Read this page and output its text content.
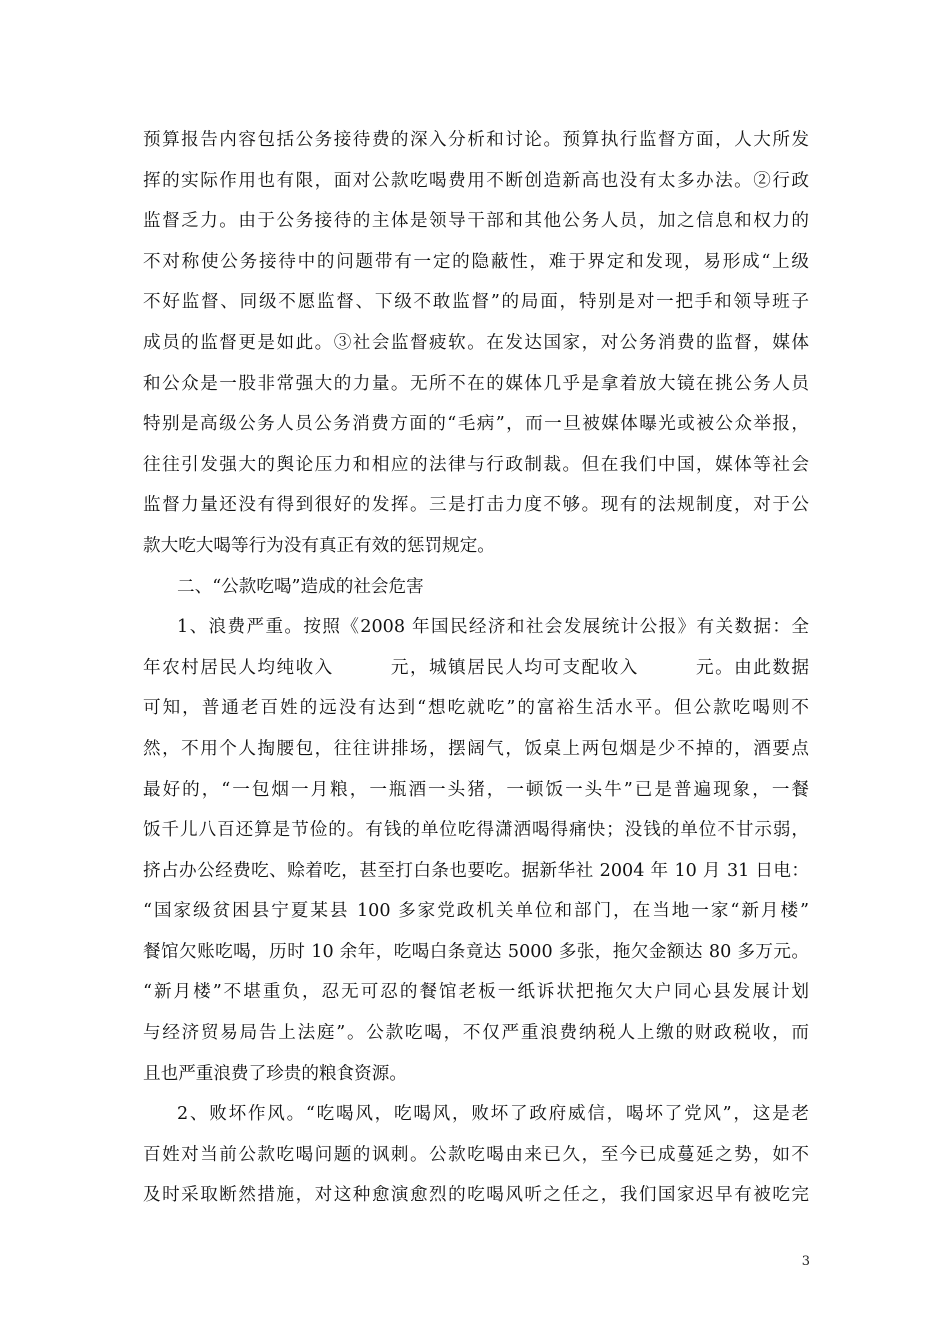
预算报告内容包括公务接待费的深入分析和讨论。预算执行监督方面，人大所发
挥的实际作用也有限，面对公款吃喝费用不断创造新高也没有太多办法。②行政
监督乏力。由于公务接待的主体是领导干部和其他公务人员，加之信息和权力的
不对称使公务接待中的问题带有一定的隐蔽性，难于界定和发现，易形成“上级
不好监督、同级不愿监督、下级不敢监督”的局面，特别是对一把手和领导班子
成员的监督更是如此。③社会监督疲软。在发达国家，对公务消费的监督，媒体
和公众是一股非常强大的力量。无所不在的媒体几乎是拿着放大镜在挑公务人员
特别是高级公务人员公务消费方面的“毛病”，而一旦被媒体曝光或被公众举报，
往往引发强大的舆论压力和相应的法律与行政制裁。但在我们中国，媒体等社会
监督力量还没有得到很好的发挥。三是打击力度不够。现有的法规制度，对于公
款大吃大喝等行为没有真正有效的惩罚规定。
二、“公款吃喝”造成的社会危害
1、浪费严重。按照《2008 年国民经济和社会发展统计公报》有关数据：全
年农村居民人均纯收入　　　元，城镇居民人均可支配收入　　　元。由此数据
可知，普通老百姓的远没有达到“想吃就吃”的富裕生活水平。但公款吃喝则不
然，不用个人掏腰包，往往讲排场，摆阔气，饭桌上两包烟是少不掉的，酒要点
最好的，“一包烟一月粮，一瓶酒一头猪，一顿饭一头牛”已是普遍现象，一餐
饭千儿八百还算是节俭的。有钱的单位吃得潇洒喝得痛快；没钱的单位不甘示弱，
挤占办公经费吃、赊着吃，甚至打白条也要吃。据新华社 2004 年 10 月 31 日电：
“国家级贫困县宁夏某县 100 多家党政机关单位和部门，在当地一家“新月楼”
餐馆欠账吃喝，历时 10 余年，吃喝白条竟达 5000 多张，拖欠金额达 80 多万元。
“新月楼”不堪重负，忍无可忍的餐馆老板一纸诉状把拖欠大户同心县发展计划
与经济贸易局告上法庭”。公款吃喝，不仅严重浪费纳税人上缴的财政税收，而
且也严重浪费了珍贵的粮食资源。
2、败坏作风。“吃喝风，吃喝风，败坏了政府威信，喝坏了党风”，这是老
百姓对当前公款吃喝问题的讽刺。公款吃喝由来已久，至今已成蔓延之势，如不
及时采取断然措施，对这种愈演愈烈的吃喝风听之任之，我们国家迟早有被吃完
3
